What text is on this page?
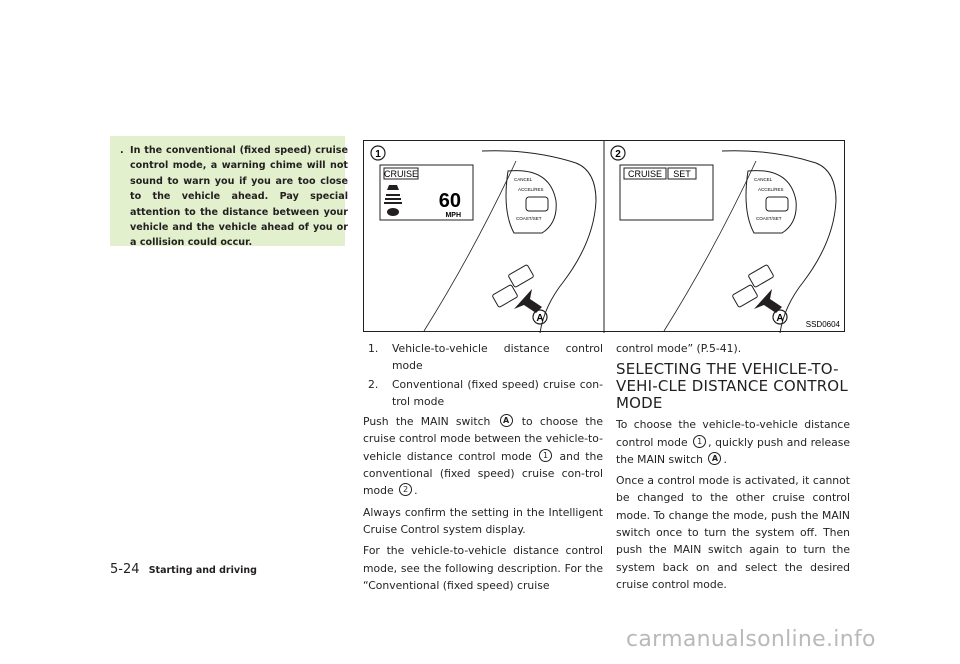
. In the conventional (fixed speed) cruise control mode, a warning chime will not sound to warn you if you are too close to the vehicle ahead. Pay special attention to the distance between your vehicle and the vehicle ahead of you or a collision could occur.

1
CRUISE
60
MPH
CANCEL
ACCEL/RES
COAST/SET
A
2
CRUISE SET
CANCEL
ACCEL/RES
COAST/SET
A
SSD0604

1. Vehicle-to-vehicle distance control mode

2. Conventional (fixed speed) cruise con-trol mode

Push the MAIN switch A to choose the cruise control mode between the vehicle-to-vehicle distance control mode 1 and the conventional (fixed speed) cruise con-trol mode 2 .

Always confirm the setting in the Intelligent Cruise Control system display.

For the vehicle-to-vehicle distance control mode, see the following description. For the “Conventional (fixed speed) cruise

control mode” (P.5-41).

SELECTING THE VEHICLE-TO-VEHI-CLE DISTANCE CONTROL MODE

To choose the vehicle-to-vehicle distance control mode 1 , quickly push and release the MAIN switch A .

Once a control mode is activated, it cannot be changed to the other cruise control mode. To change the mode, push the MAIN switch once to turn the system off. Then push the MAIN switch again to turn the system back on and select the desired cruise control mode.

5-24 Starting and driving
carmanualsonline.info
